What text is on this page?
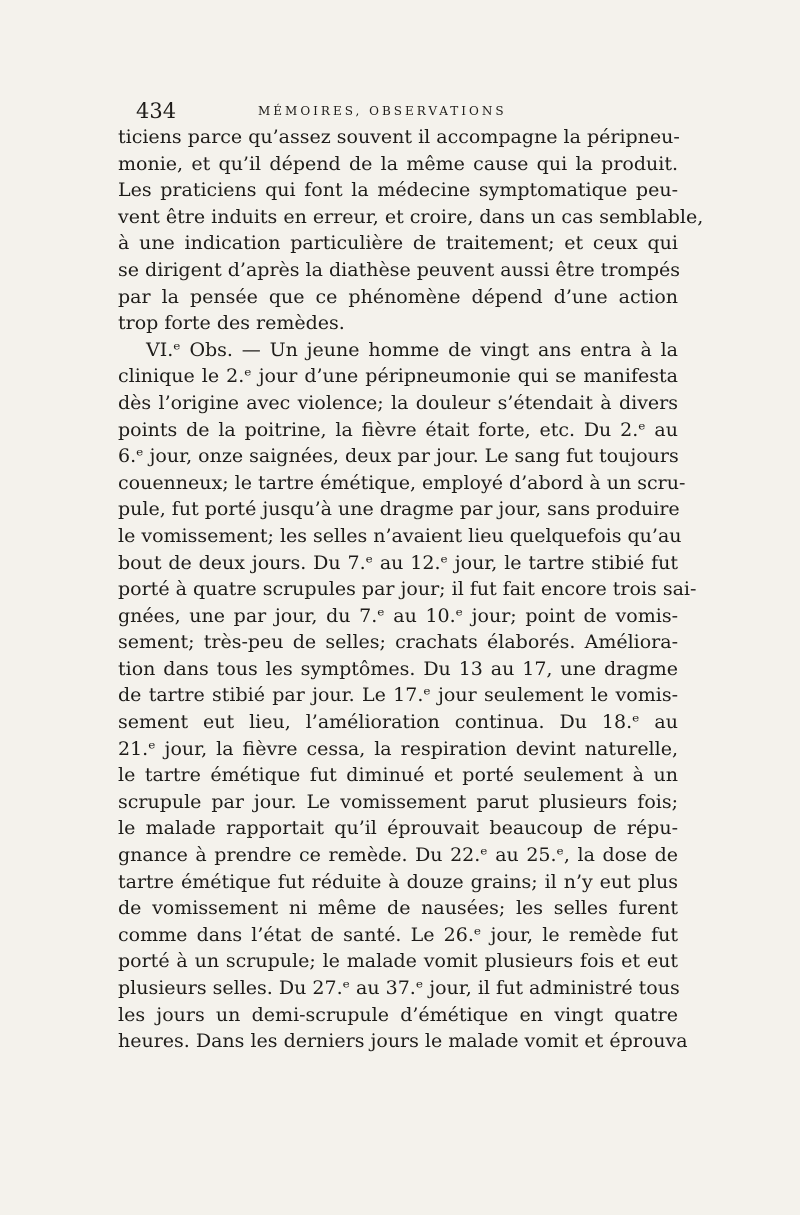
434	MÉMOIRES, OBSERVATIONS
ticiens parce qu’assez souvent il accompagne la péripneu-
monie, et qu’il dépend de la même cause qui la produit.
Les praticiens qui font la médecine symptomatique peu-
vent être induits en erreur, et croire, dans un cas semblable,
à une indication particulière de traitement; et ceux qui
se dirigent d’après la diathèse peuvent aussi être trompés
par la pensée que ce phénomène dépend d’une action
trop forte des remèdes.
VI.ᵉ Obs. — Un jeune homme de vingt ans entra à la
clinique le 2.ᵉ jour d’une péripneumonie qui se manifesta
dès l’origine avec violence; la douleur s’étendait à divers
points de la poitrine, la fièvre était forte, etc. Du 2.ᵉ au
6.ᵉ jour, onze saignées, deux par jour. Le sang fut toujours
couenneux; le tartre émétique, employé d’abord à un scru-
pule, fut porté jusqu’à une dragme par jour, sans produire
le vomissement; les selles n’avaient lieu quelquefois qu’au
bout de deux jours. Du 7.ᵉ au 12.ᵉ jour, le tartre stibié fut
porté à quatre scrupules par jour; il fut fait encore trois sai-
gnées, une par jour, du 7.ᵉ au 10.ᵉ jour; point de vomis-
sement; très-peu de selles; crachats élaborés. Améliora-
tion dans tous les symptômes. Du 13 au 17, une dragme
de tartre stibié par jour. Le 17.ᵉ jour seulement le vomis-
sement eut lieu, l’amélioration continua. Du 18.ᵉ au
21.ᵉ jour, la fièvre cessa, la respiration devint naturelle,
le tartre émétique fut diminué et porté seulement à un
scrupule par jour. Le vomissement parut plusieurs fois;
le malade rapportait qu’il éprouvait beaucoup de répu-
gnance à prendre ce remède. Du 22.ᵉ au 25.ᵉ, la dose de
tartre émétique fut réduite à douze grains; il n’y eut plus
de vomissement ni même de nausées; les selles furent
comme dans l’état de santé. Le 26.ᵉ jour, le remède fut
porté à un scrupule; le malade vomit plusieurs fois et eut
plusieurs selles. Du 27.ᵉ au 37.ᵉ jour, il fut administré tous
les jours un demi-scrupule d’émétique en vingt quatre
heures. Dans les derniers jours le malade vomit et éprouva
